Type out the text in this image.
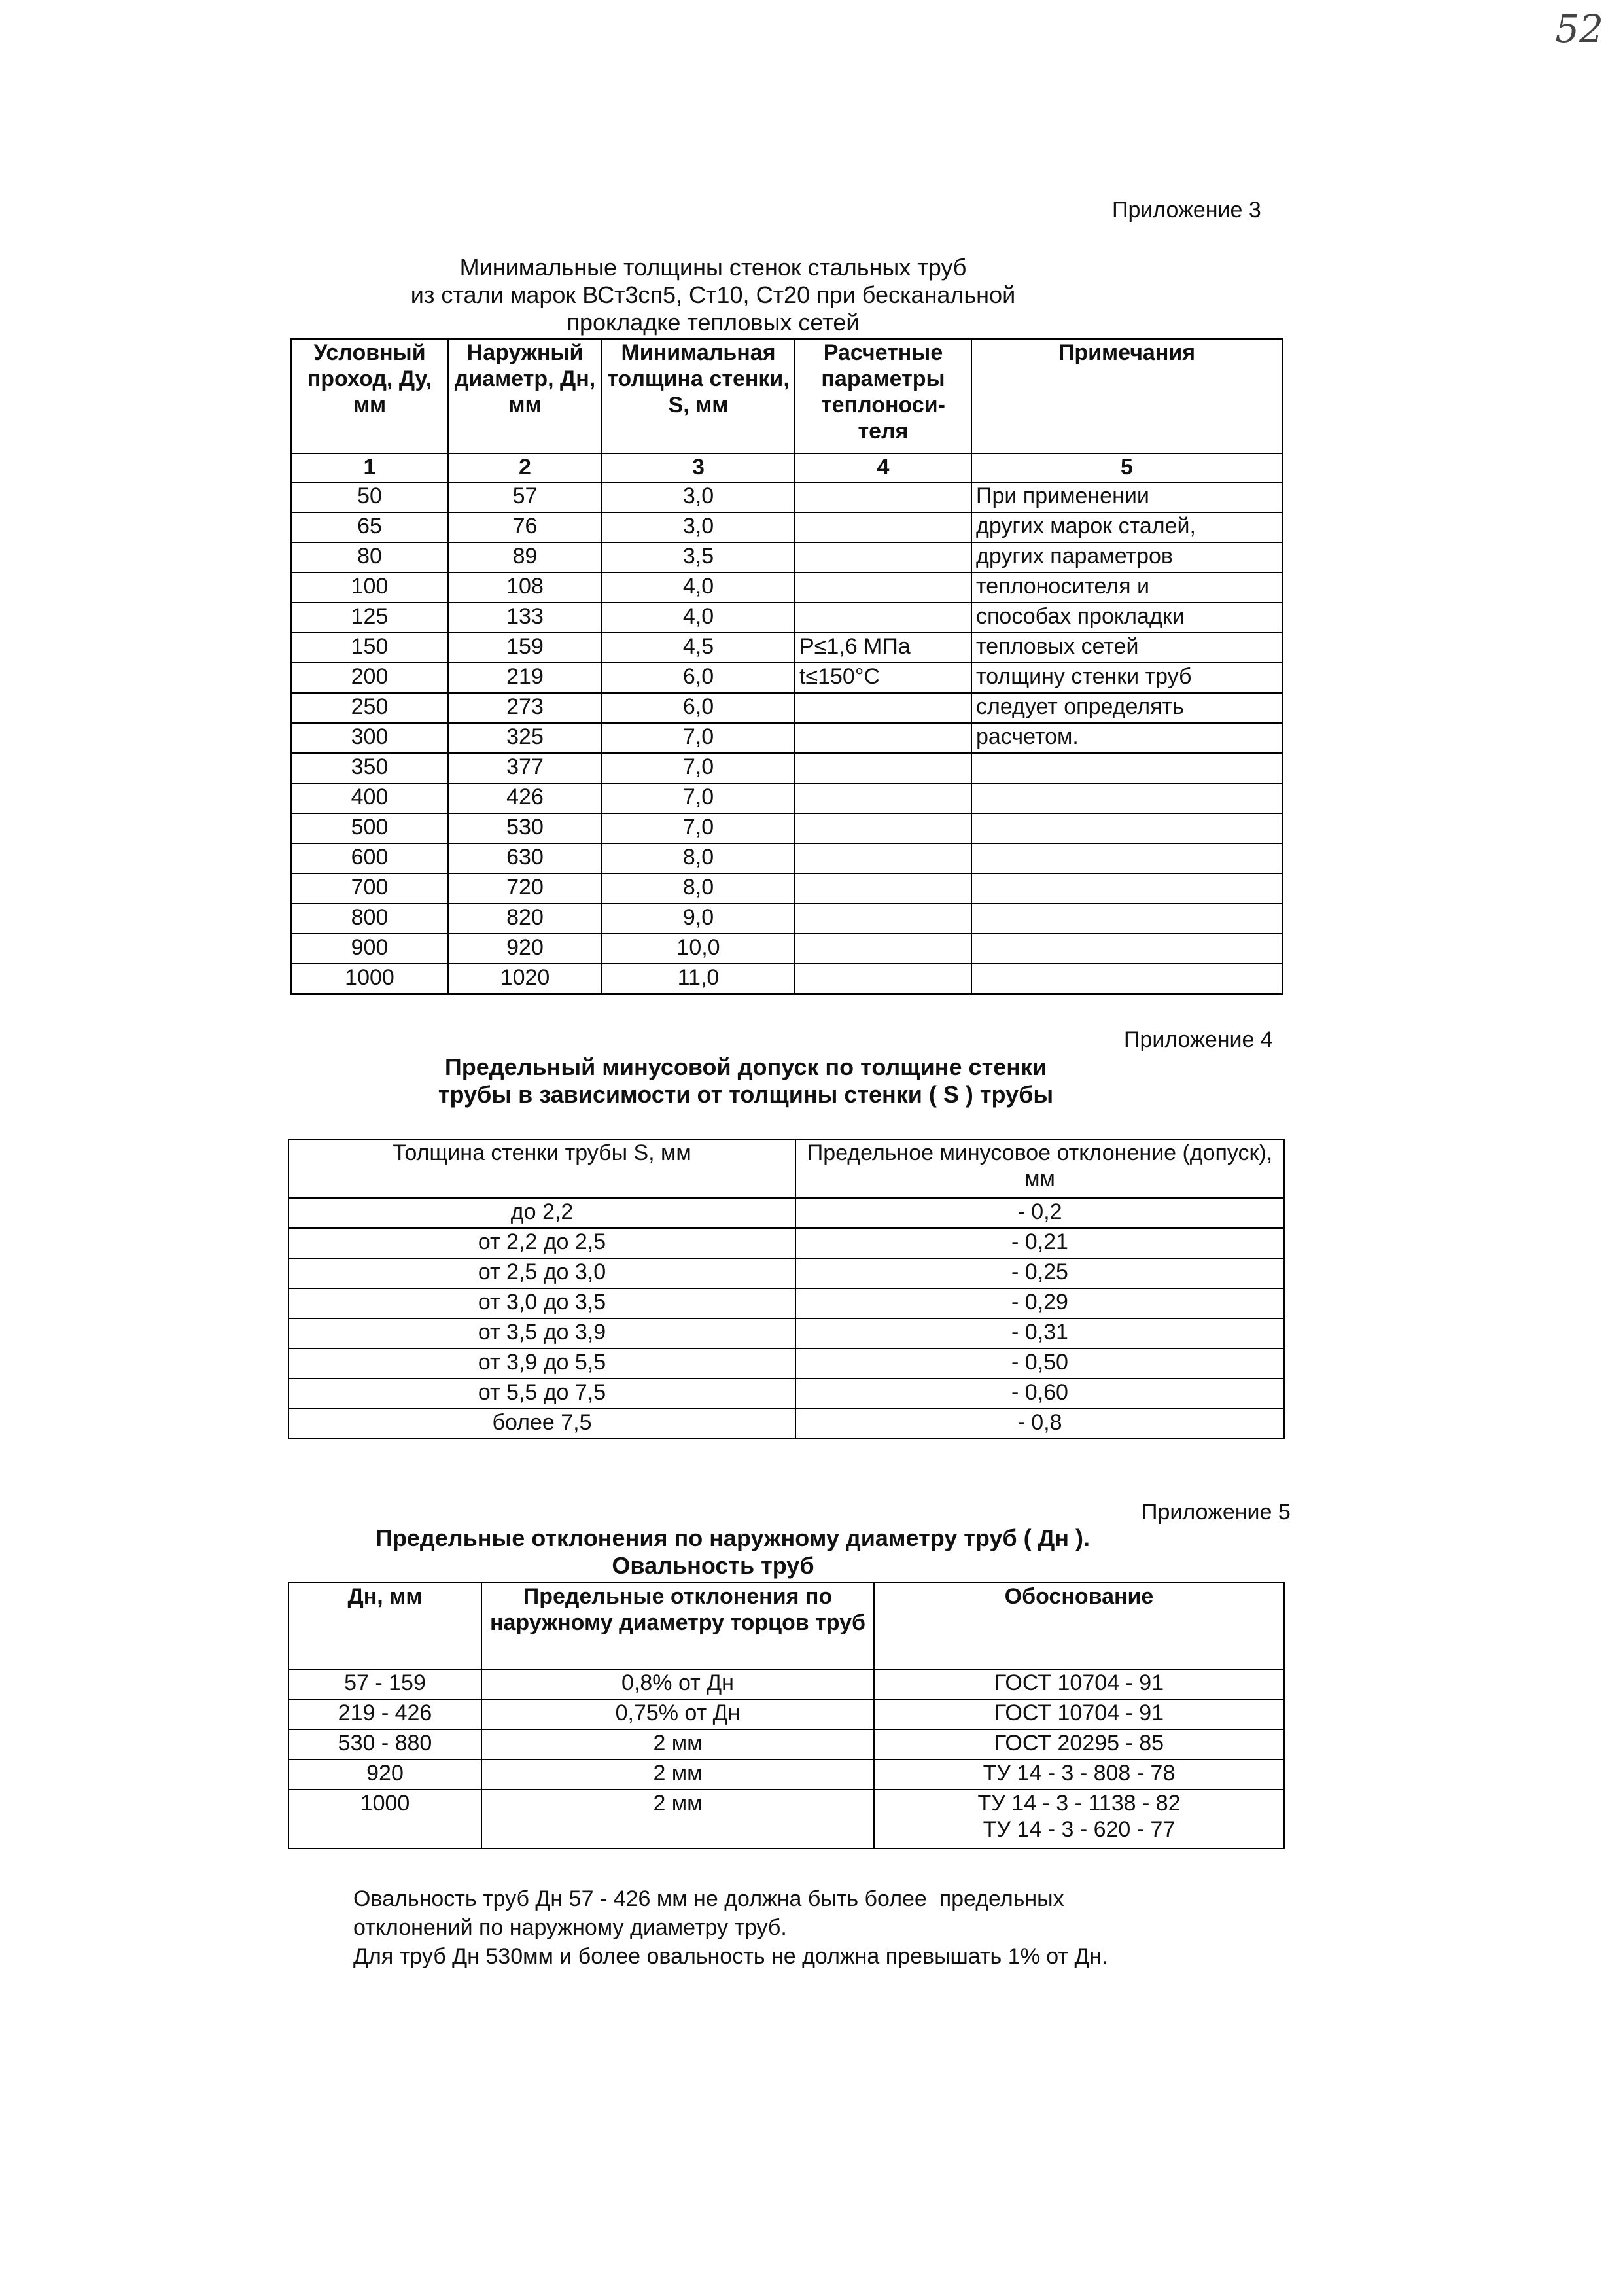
52
Приложение 3
Минимальные толщины стенок стальных труб
из стали марок ВСт3сп5, Ст10, Ст20 при бесканальной
прокладке тепловых сетей
Условный проход, Ду, мм	Наружный диаметр, Дн, мм	Минимальная толщина стенки, S, мм	Расчетные параметры теплоноси-теля	Примечания
1	2	3	4	5
50	57	3,0		При применении
65	76	3,0		других марок сталей,
80	89	3,5		других параметров
100	108	4,0		теплоносителя и
125	133	4,0		способах прокладки
150	159	4,5	Р≤1,6 МПа	тепловых сетей
200	219	6,0	t≤150°С	толщину стенки труб
250	273	6,0		следует определять
300	325	7,0		расчетом.
350	377	7,0		
400	426	7,0		
500	530	7,0		
600	630	8,0		
700	720	8,0		
800	820	9,0		
900	920	10,0		
1000	1020	11,0		
Приложение 4
Предельный минусовой допуск по толщине стенки
трубы в зависимости от толщины стенки ( S ) трубы
Толщина стенки трубы S, мм	Предельное минусовое отклонение (допуск), мм
до 2,2	- 0,2
от 2,2 до 2,5	- 0,21
от 2,5 до 3,0	- 0,25
от 3,0 до 3,5	- 0,29
от 3,5 до 3,9	- 0,31
от 3,9 до 5,5	- 0,50
от 5,5 до 7,5	- 0,60
более 7,5	- 0,8
Приложение 5
Предельные отклонения по наружному диаметру труб ( Дн ).
Овальность труб
Дн, мм	Предельные отклонения по наружному диаметру торцов труб	Обоснование
57 - 159	0,8% от Дн	ГОСТ 10704 - 91
219 - 426	0,75% от Дн	ГОСТ 10704 - 91
530 - 880	2 мм	ГОСТ 20295 - 85
920	2 мм	ТУ 14 - 3 - 808 - 78
1000	2 мм	ТУ 14 - 3 - 1138 - 82
ТУ 14 - 3 - 620 - 77
Овальность труб Дн 57 - 426 мм не должна быть более  предельных
отклонений по наружному диаметру труб.
Для труб Дн 530мм и более овальность не должна превышать 1% от Дн.
